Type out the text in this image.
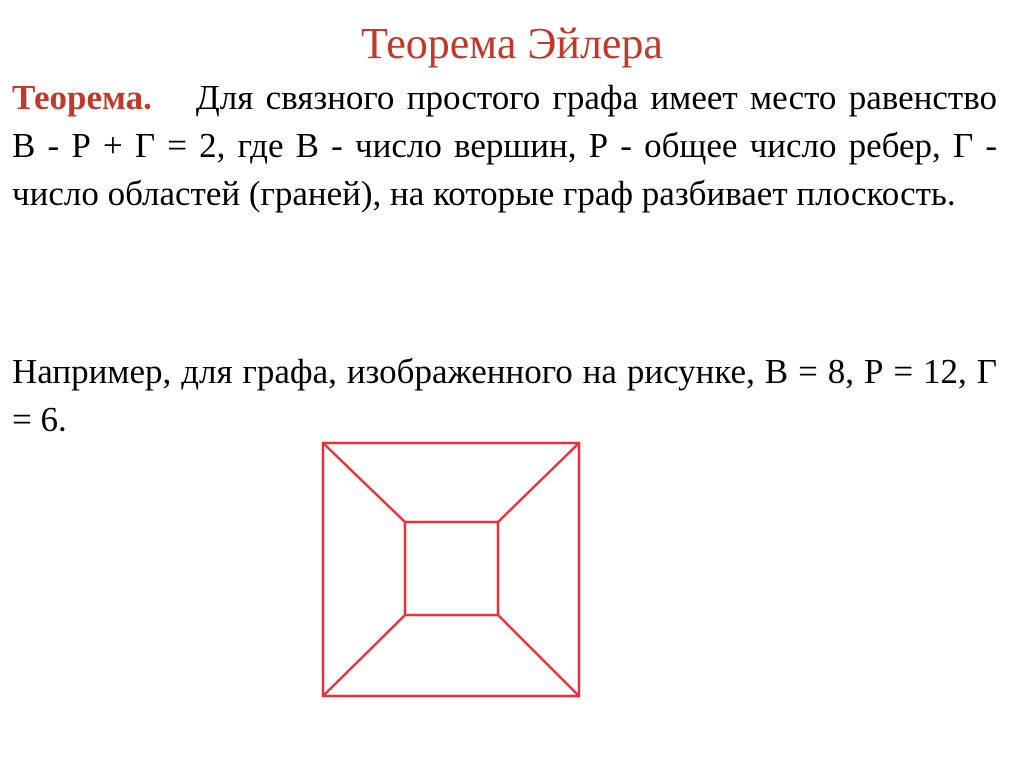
Теорема Эйлера
Теорема. Для связного простого графа имеет место равенство В - Р + Г = 2, где В - число вершин, Р - общее число ребер, Г - число областей (граней), на которые граф разбивает плоскость.
Например, для графа, изображенного на рисунке, В = 8, Р = 12, Г = 6.
